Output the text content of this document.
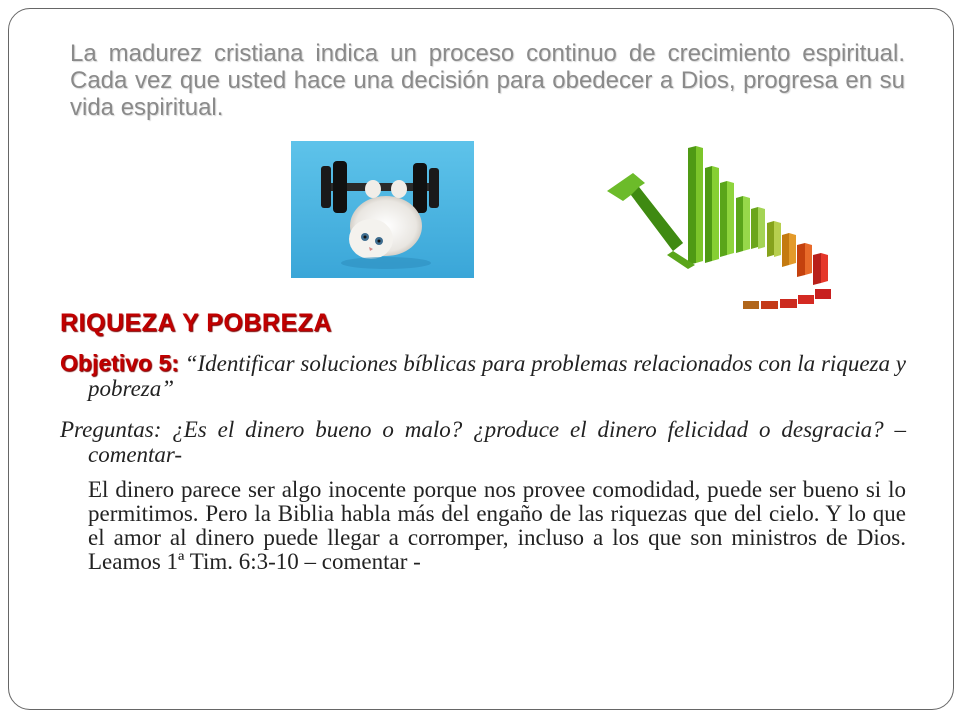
La madurez cristiana indica un proceso continuo de crecimiento espiritual. Cada vez que usted hace una decisión para obedecer a Dios, progresa en su vida espiritual.

RIQUEZA Y POBREZA

Objetivo 5: “Identificar soluciones bíblicas para problemas relacionados con la riqueza y pobreza”

Preguntas: ¿Es el dinero bueno o malo? ¿produce el dinero felicidad o desgracia? –comentar-

El dinero parece ser algo inocente porque nos provee comodidad, puede ser bueno si lo permitimos. Pero la Biblia habla más del engaño de las riquezas que del cielo. Y lo que el amor al dinero puede llegar a corromper, incluso a los que son ministros de Dios. Leamos 1ª Tim. 6:3-10 – comentar -
